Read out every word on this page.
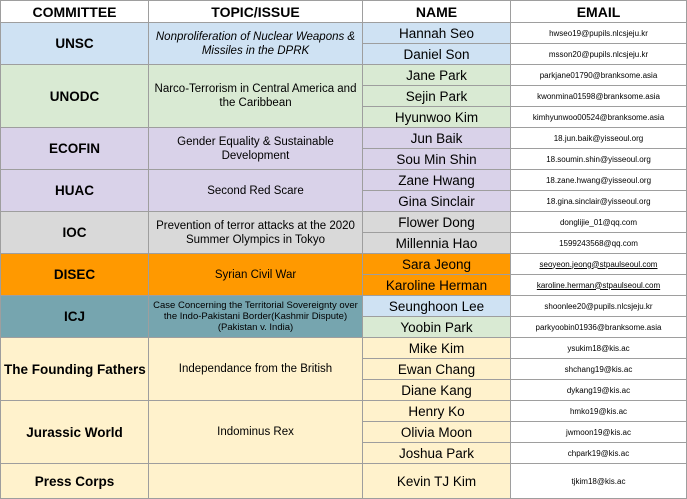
COMMITTEE	TOPIC/ISSUE	NAME	EMAIL
UNSC	Nonproliferation of Nuclear Weapons & Missiles in the DPRK	Hannah Seo	hwseo19@pupils.nlcsjeju.kr
		Daniel Son	msson20@pupils.nlcsjeju.kr
UNODC	Narco-Terrorism in Central America and the Caribbean	Jane Park	parkjane01790@branksome.asia
		Sejin Park	kwonmina01598@branksome.asia
		Hyunwoo Kim	kimhyunwoo00524@branksome.asia
ECOFIN	Gender Equality & Sustainable Development	Jun Baik	18.jun.baik@yisseoul.org
		Sou Min Shin	18.soumin.shin@yisseoul.org
HUAC	Second Red Scare	Zane Hwang	18.zane.hwang@yisseoul.org
		Gina Sinclair	18.gina.sinclair@yisseoul.org
IOC	Prevention of terror attacks at the 2020 Summer Olympics in Tokyo	Flower Dong	donglijie_01@qq.com
		Millennia Hao	1599243568@qq.com
DISEC	Syrian Civil War	Sara Jeong	seoyeon.jeong@stpaulseoul.com
		Karoline Herman	karoline.herman@stpaulseoul.com
ICJ	Case Concerning the Territorial Sovereignty over the Indo-Pakistani Border(Kashmir Dispute)(Pakistan v. India)	Seunghoon Lee	shoonlee20@pupils.nlcsjeju.kr
		Yoobin Park	parkyoobin01936@branksome.asia
The Founding Fathers	Independance from the British	Mike Kim	ysukim18@kis.ac
		Ewan Chang	shchang19@kis.ac
		Diane Kang	dykang19@kis.ac
Jurassic World	Indominus Rex	Henry Ko	hmko19@kis.ac
		Olivia Moon	jwmoon19@kis.ac
		Joshua Park	chpark19@kis.ac
Press Corps		Kevin TJ Kim	tjkim18@kis.ac
